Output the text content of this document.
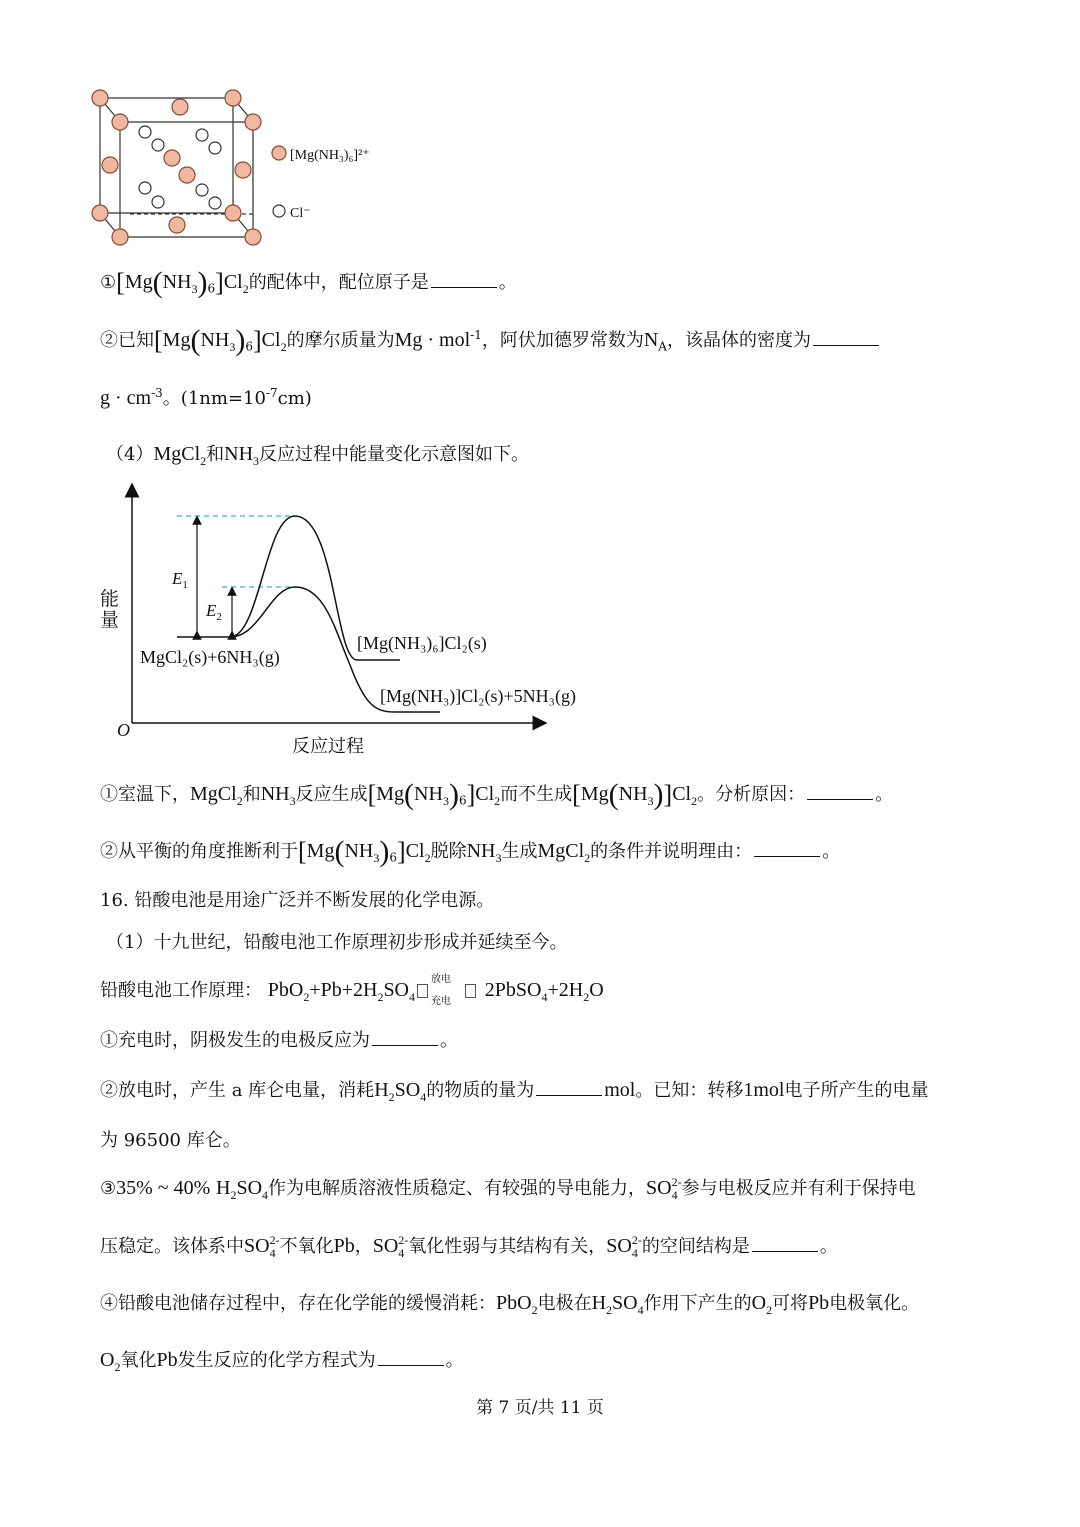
[Mg(NH₃)₆]²⁺
Cl⁻
$①[Mg(NH_3)_6]Cl_2$的配体中，配位原子是	。
②已知$[Mg(NH_3)_6]Cl_2$的摩尔质量为Mg · mol$^{-1}$，阿伏加德罗常数为$N_A$，该晶体的密度为
$g \cdot cm^{-3}$。$(1nm=10^{-7}cm)$
（4）MgCl$_2$和$NH_3$反应过程中能量变化示意图如下。
能 量
O
反应过程
$E_1$
$E_2$
MgCl₂(s)+6NH₃(g)
[Mg(NH₃)₆]Cl₂(s)
[Mg(NH₃)]Cl₂(s)+5NH₃(g)
①室温下，MgCl$_2$和$NH_3$反应生成$[Mg(NH_3)_6]Cl_2$而不生成$[Mg(NH_3)]Cl_2$。分析原因：	。
②从平衡的角度推断利于$[Mg(NH_3)_6]Cl_2$脱除$NH_3$生成MgCl$_2$的条件并说明理由：	。
16. 铅酸电池是用途广泛并不断发展的化学电源。
（1）十九世纪，铅酸电池工作原理初步形成并延续至今。
铅酸电池工作原理： $PbO_2+Pb+2H_2SO_4$
放电
充电
$2PbSO_4+2H_2O$
①充电时，阴极发生的电极反应为	。
②放电时，产生 a 库仑电量，消耗$H_2SO_4$的物质的量为	mol。已知：转移1mol电子所产生的电量
为 96500 库仑。
③35% ~ 40% $H_2SO_4$作为电解质溶液性质稳定、有较强的导电能力，$SO_4^{2-}$参与电极反应并有利于保持电
压稳定。该体系中$SO_4^{2-}$不氧化Pb，$SO_4^{2-}$氧化性弱与其结构有关，$SO_4^{2-}$的空间结构是	。
④铅酸电池储存过程中，存在化学能的缓慢消耗：PbO$_2$电极在$H_2SO_4$作用下产生的$O_2$可将Pb电极氧化。
$O_2$氧化Pb发生反应的化学方程式为	。
第 7 页/共 11 页
